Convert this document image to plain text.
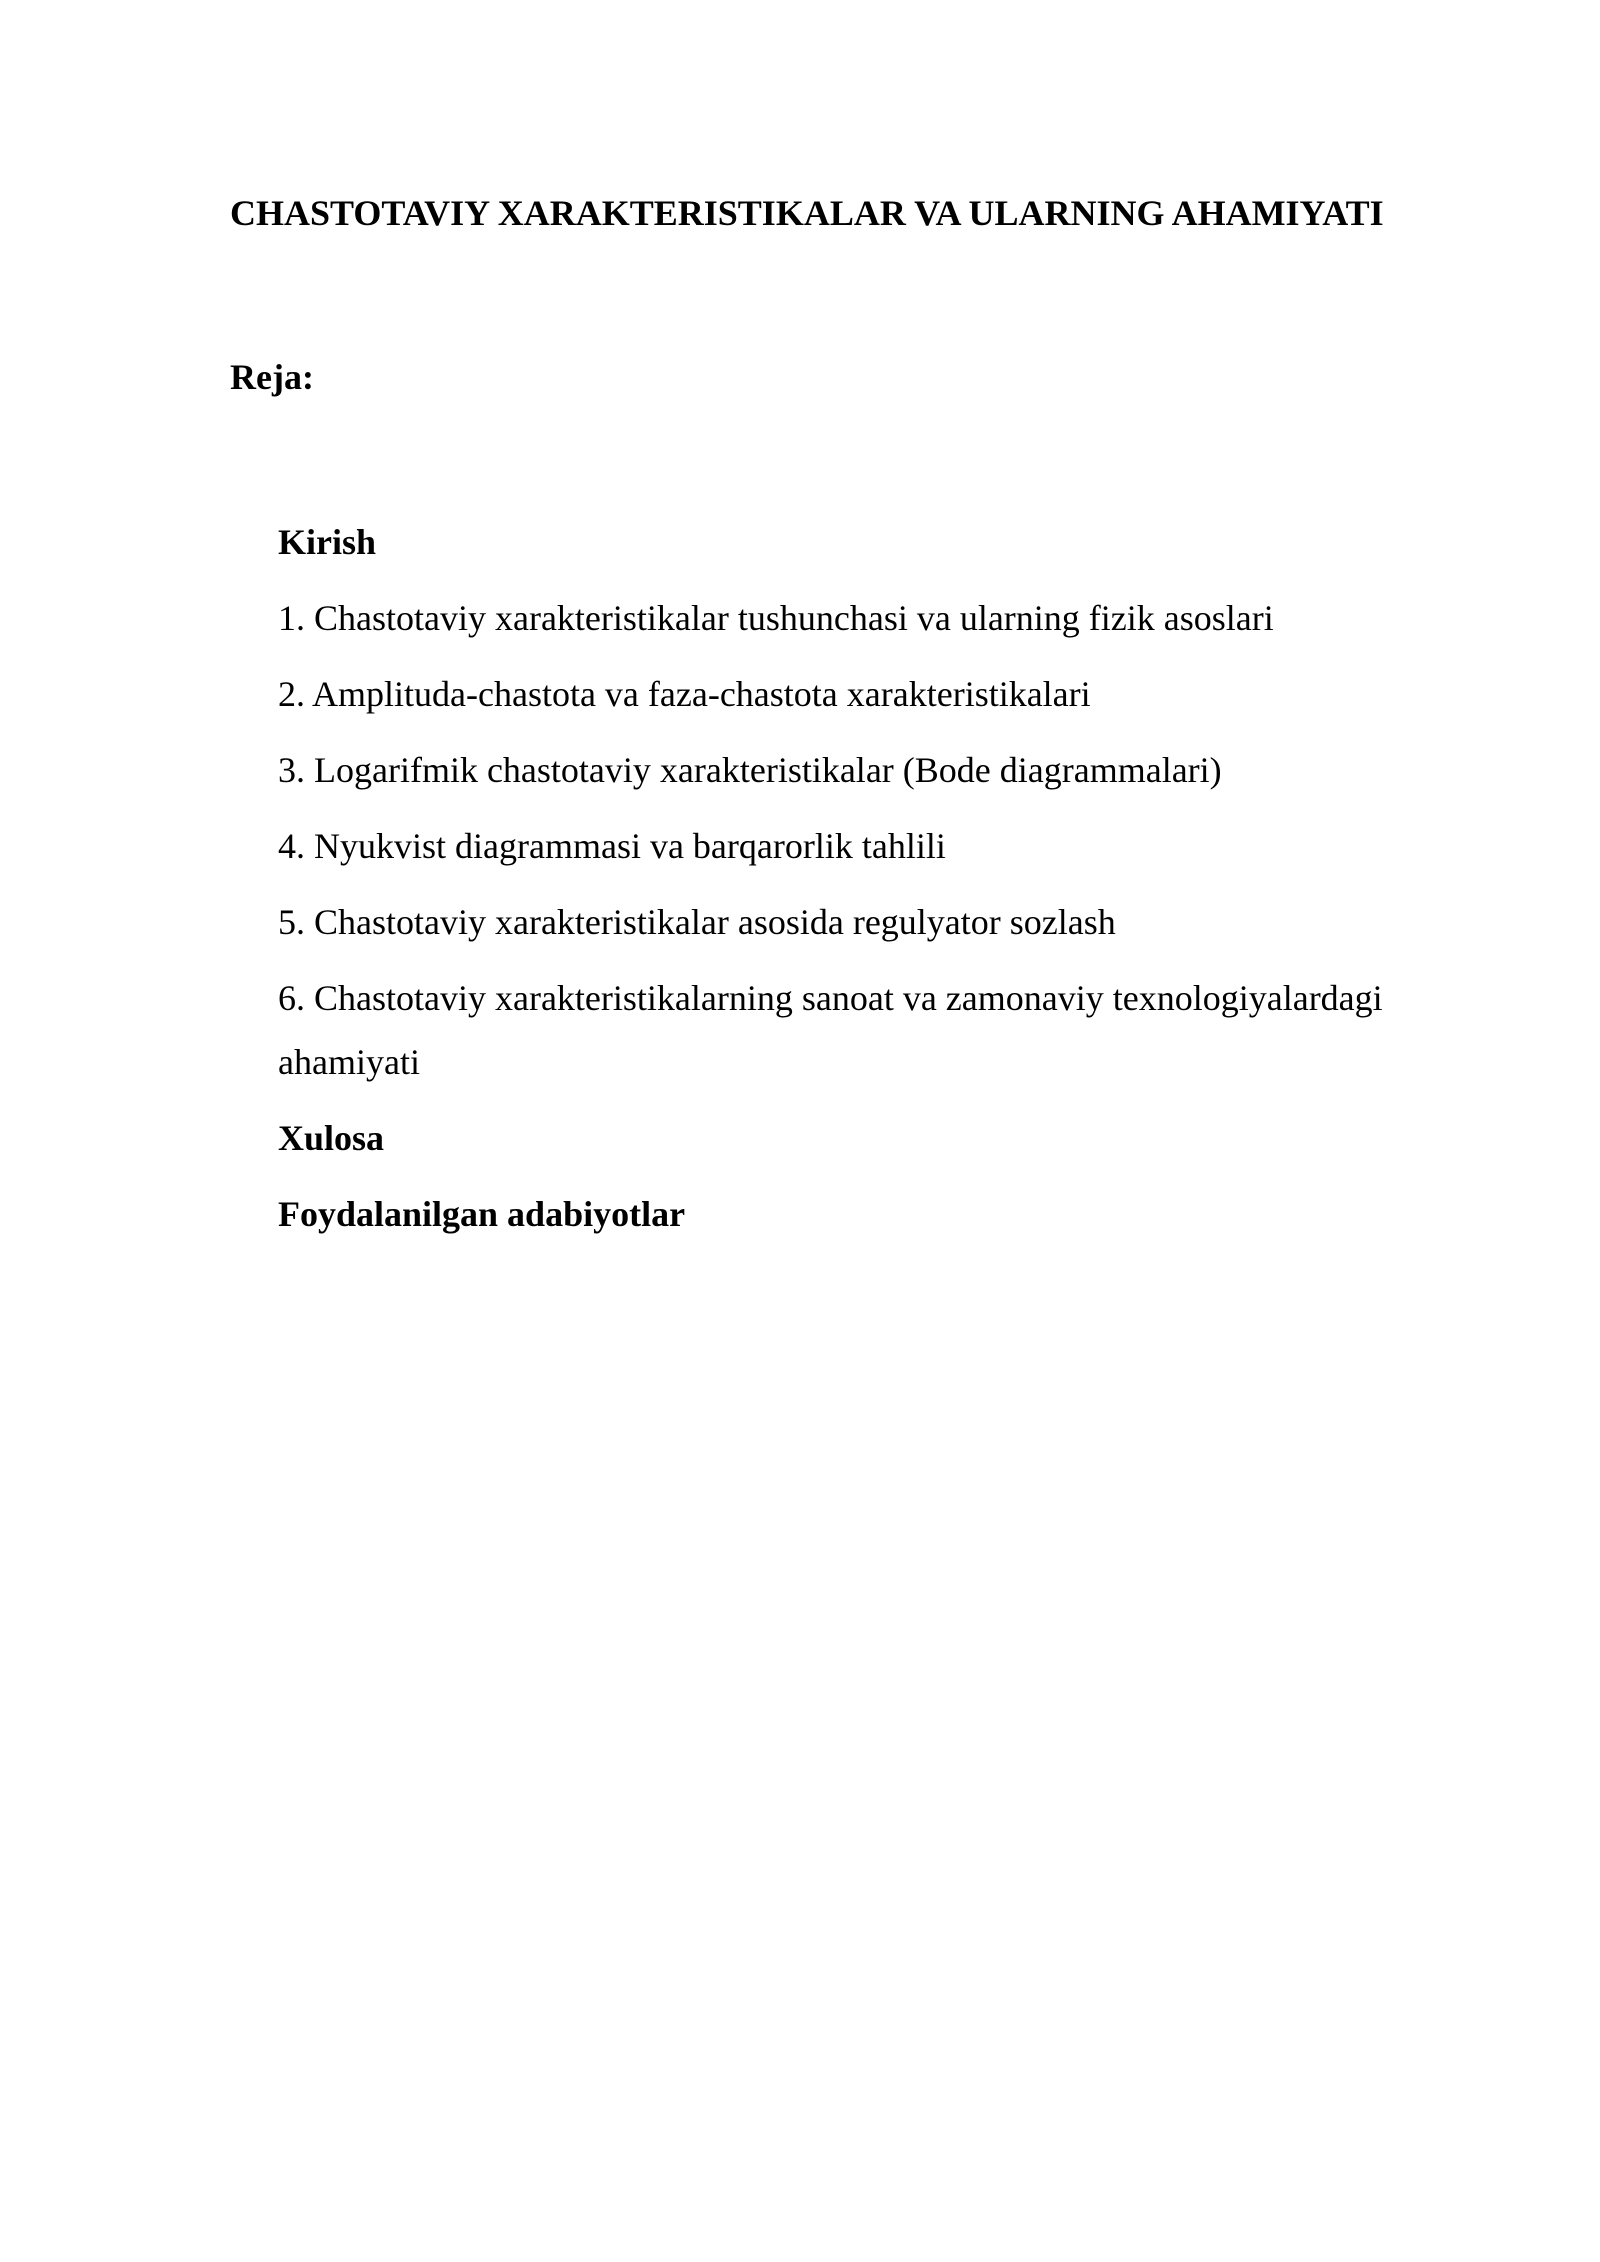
CHASTOTAVIY XARAKTERISTIKALAR VA ULARNING AHAMIYATI
Reja:
Kirish
1. Chastotaviy xarakteristikalar tushunchasi va ularning fizik asoslari
2. Amplituda-chastota va faza-chastota xarakteristikalari
3. Logarifmik chastotaviy xarakteristikalar (Bode diagrammalari)
4. Nyukvist diagrammasi va barqarorlik tahlili
5. Chastotaviy xarakteristikalar asosida regulyator sozlash
6. Chastotaviy xarakteristikalarning sanoat va zamonaviy texnologiyalardagi ahamiyati
Xulosa
Foydalanilgan adabiyotlar
